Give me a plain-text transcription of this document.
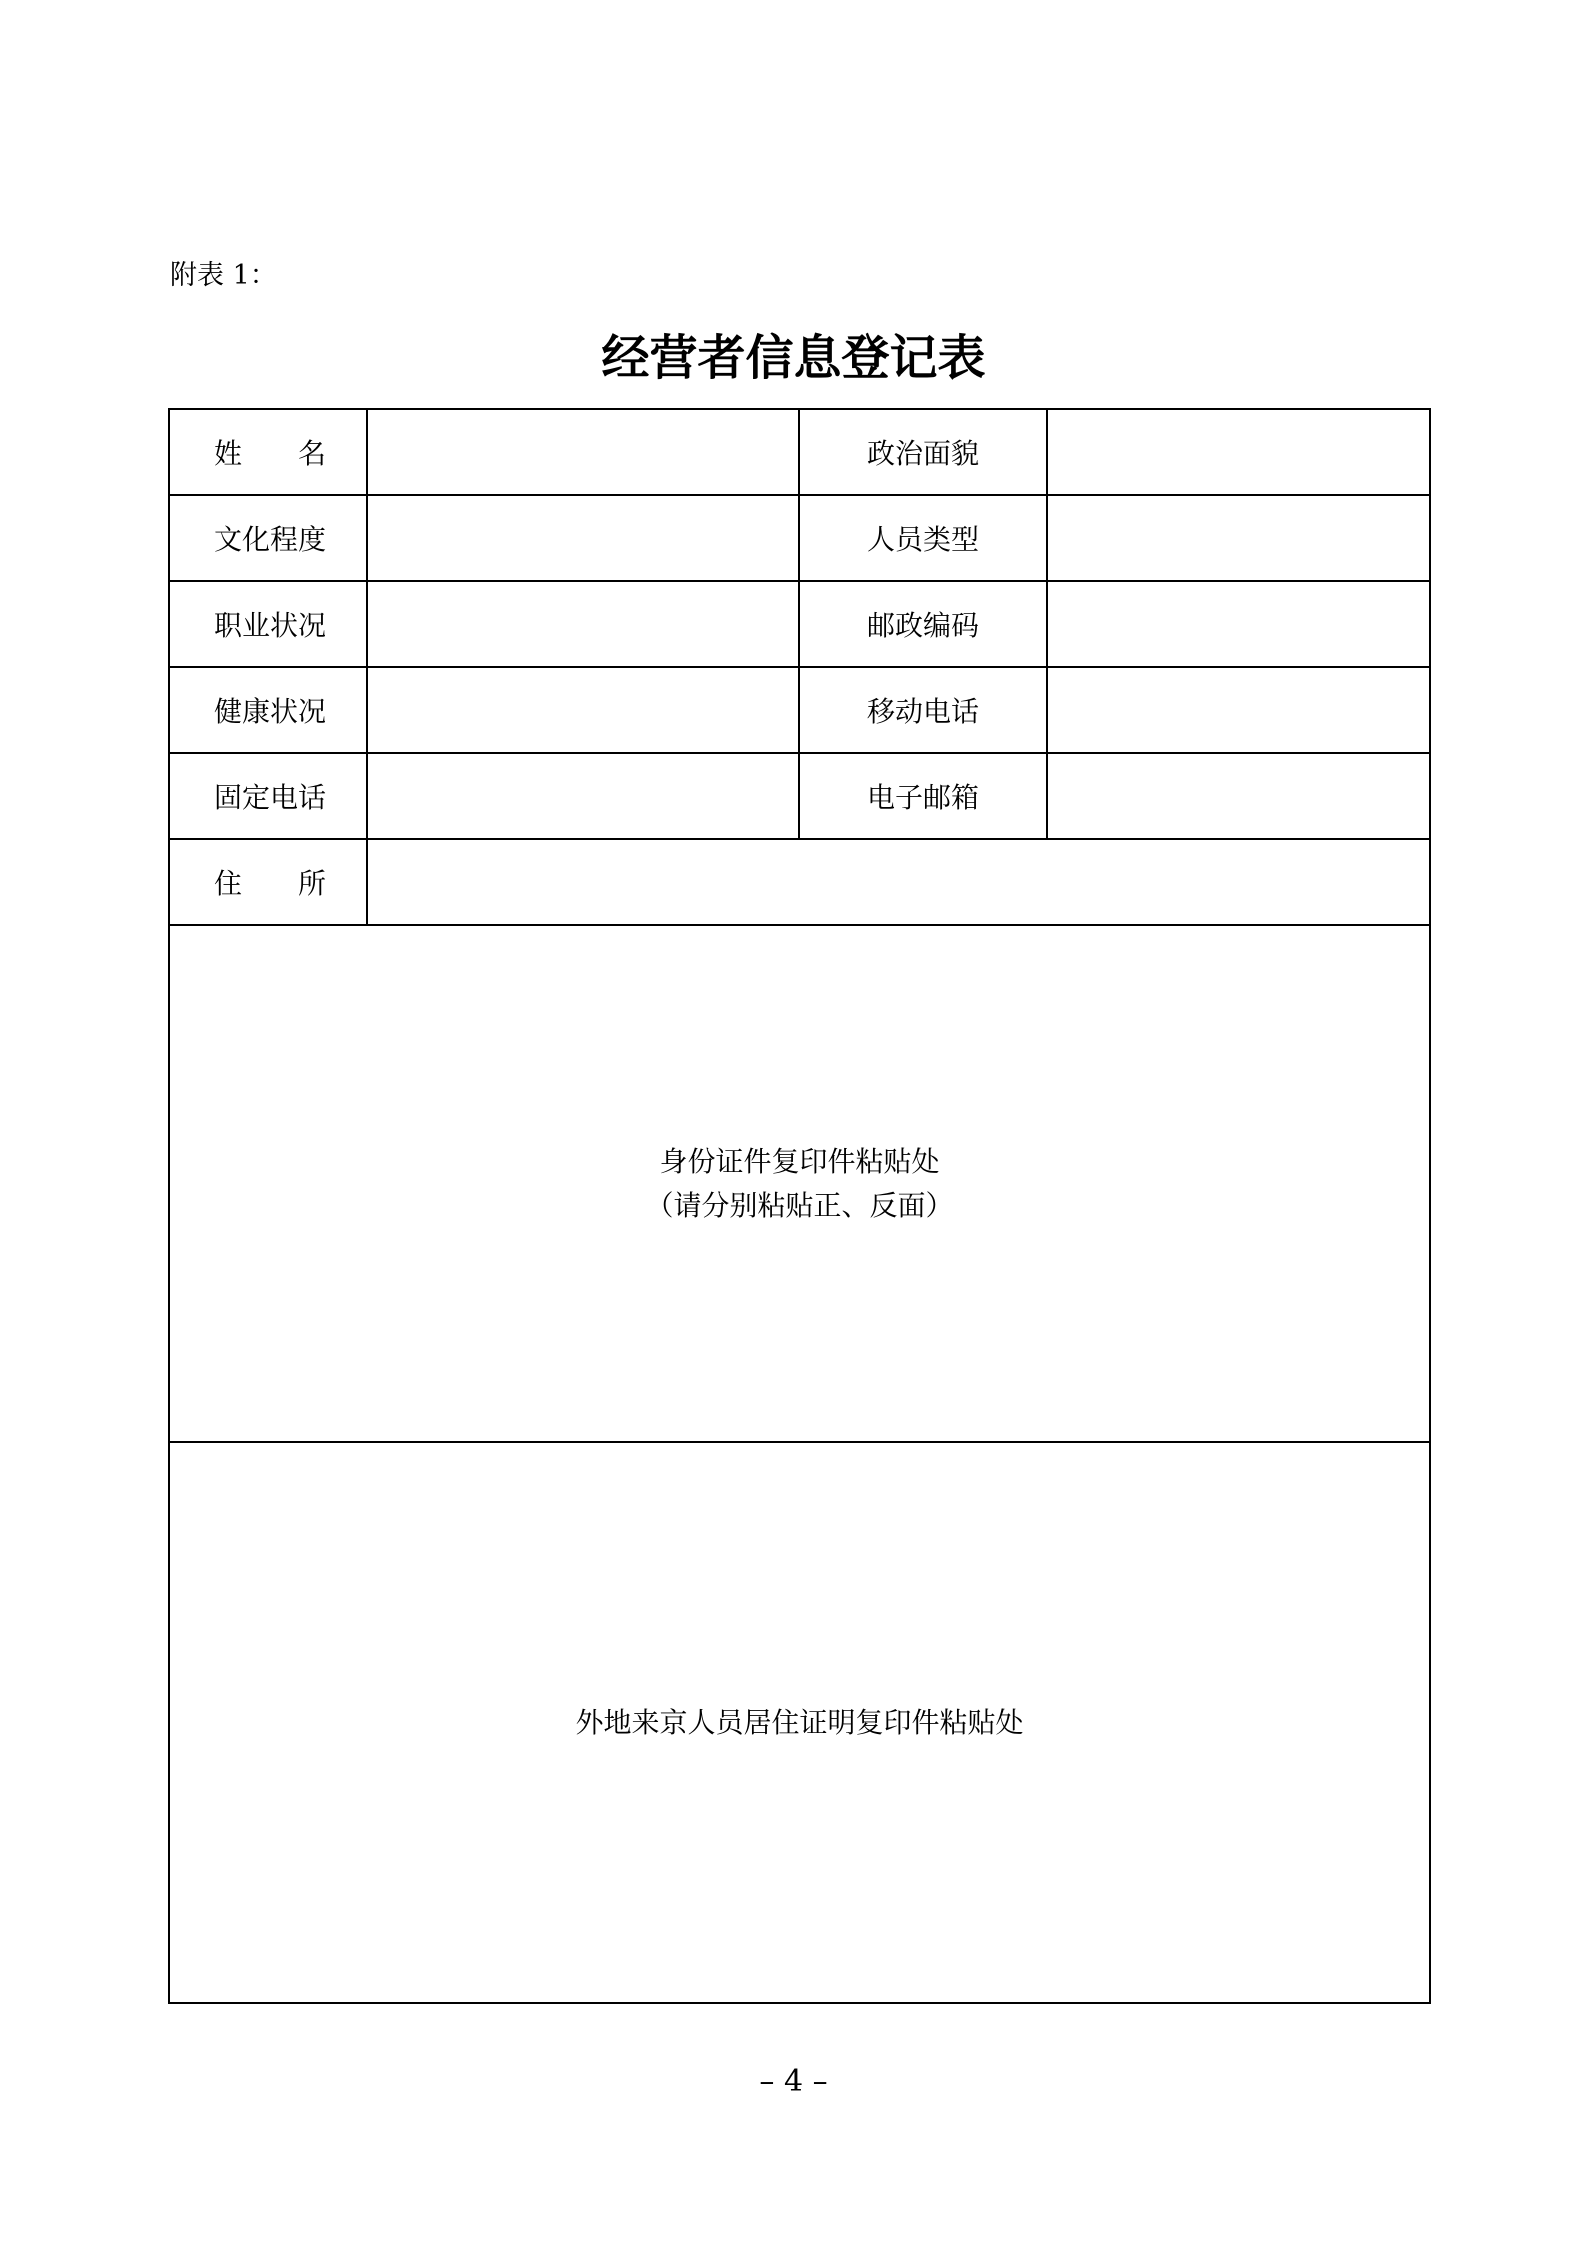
附表 1：
经营者信息登记表
姓　　名		政治面貌	
文化程度		人员类型	
职业状况		邮政编码	
健康状况		移动电话	
固定电话		电子邮箱	
住　　所			

身份证件复印件粘贴处
（请分别粘贴正、反面）			

外地来京人员居住证明复印件粘贴处			
– 4 –
